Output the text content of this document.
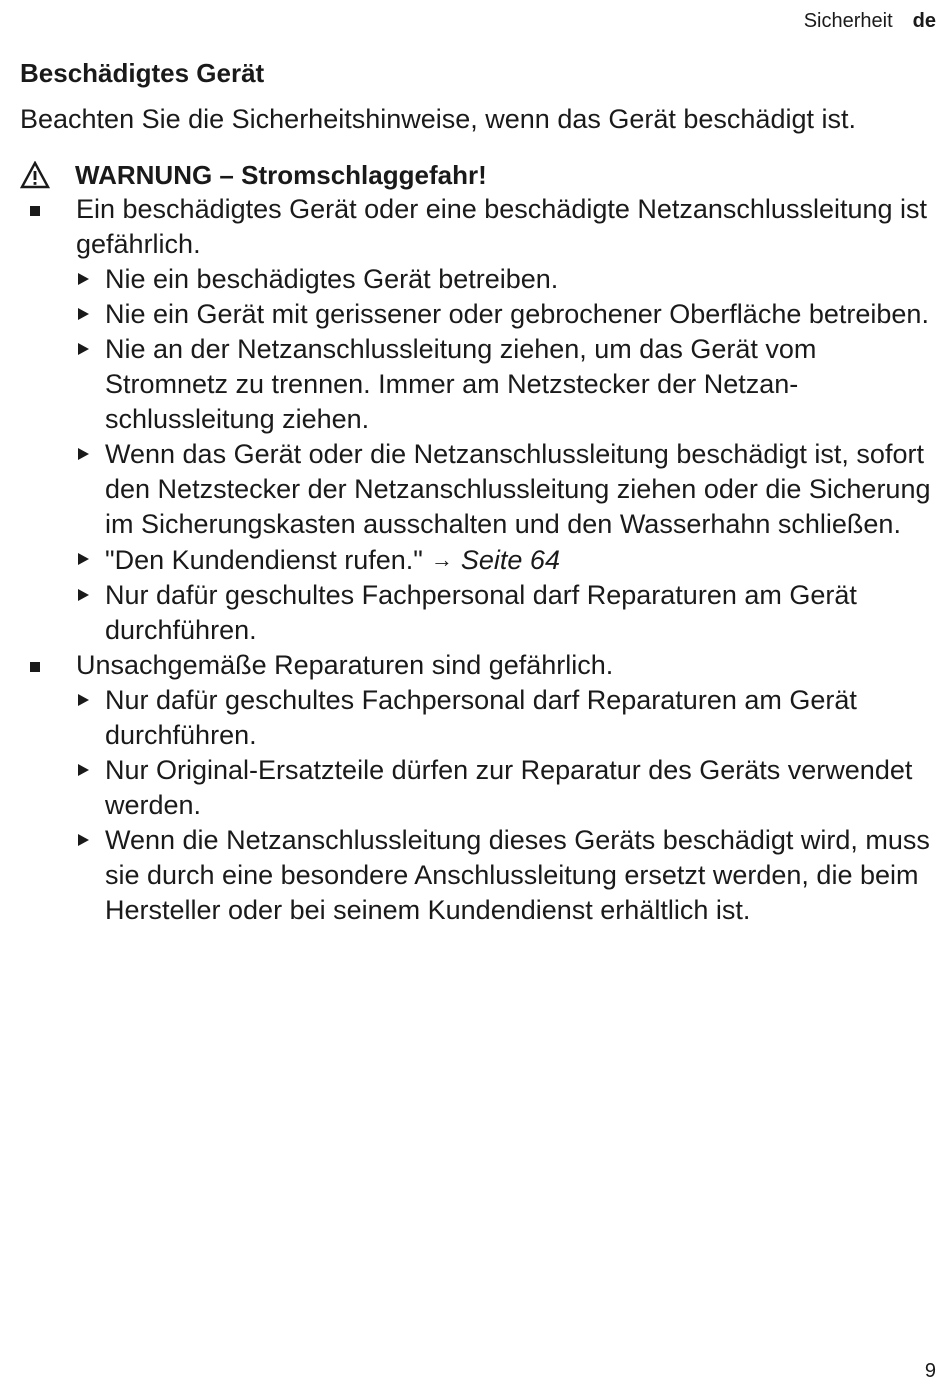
Sicherheit de
Beschädigtes Gerät

Beachten Sie die Sicherheitshinweise, wenn das Gerät beschädigt ist.

WARNUNG – Stromschlaggefahr!
Ein beschädigtes Gerät oder eine beschädigte Netzanschlussleitung ist gefährlich.
Nie ein beschädigtes Gerät betreiben.
Nie ein Gerät mit gerissener oder gebrochener Oberfläche betreiben.
Nie an der Netzanschlussleitung ziehen, um das Gerät vom Stromnetz zu trennen. Immer am Netzstecker der Netzanschlussleitung ziehen.
Wenn das Gerät oder die Netzanschlussleitung beschädigt ist, sofort den Netzstecker der Netzanschlussleitung ziehen oder die Sicherung im Sicherungskasten ausschalten und den Wasserhahn schließen.
"Den Kundendienst rufen." → Seite 64
Nur dafür geschultes Fachpersonal darf Reparaturen am Gerät durchführen.
Unsachgemäße Reparaturen sind gefährlich.
Nur dafür geschultes Fachpersonal darf Reparaturen am Gerät durchführen.
Nur Original-Ersatzteile dürfen zur Reparatur des Geräts verwendet werden.
Wenn die Netzanschlussleitung dieses Geräts beschädigt wird, muss sie durch eine besondere Anschlussleitung ersetzt werden, die beim Hersteller oder bei seinem Kundendienst erhältlich ist.
9
